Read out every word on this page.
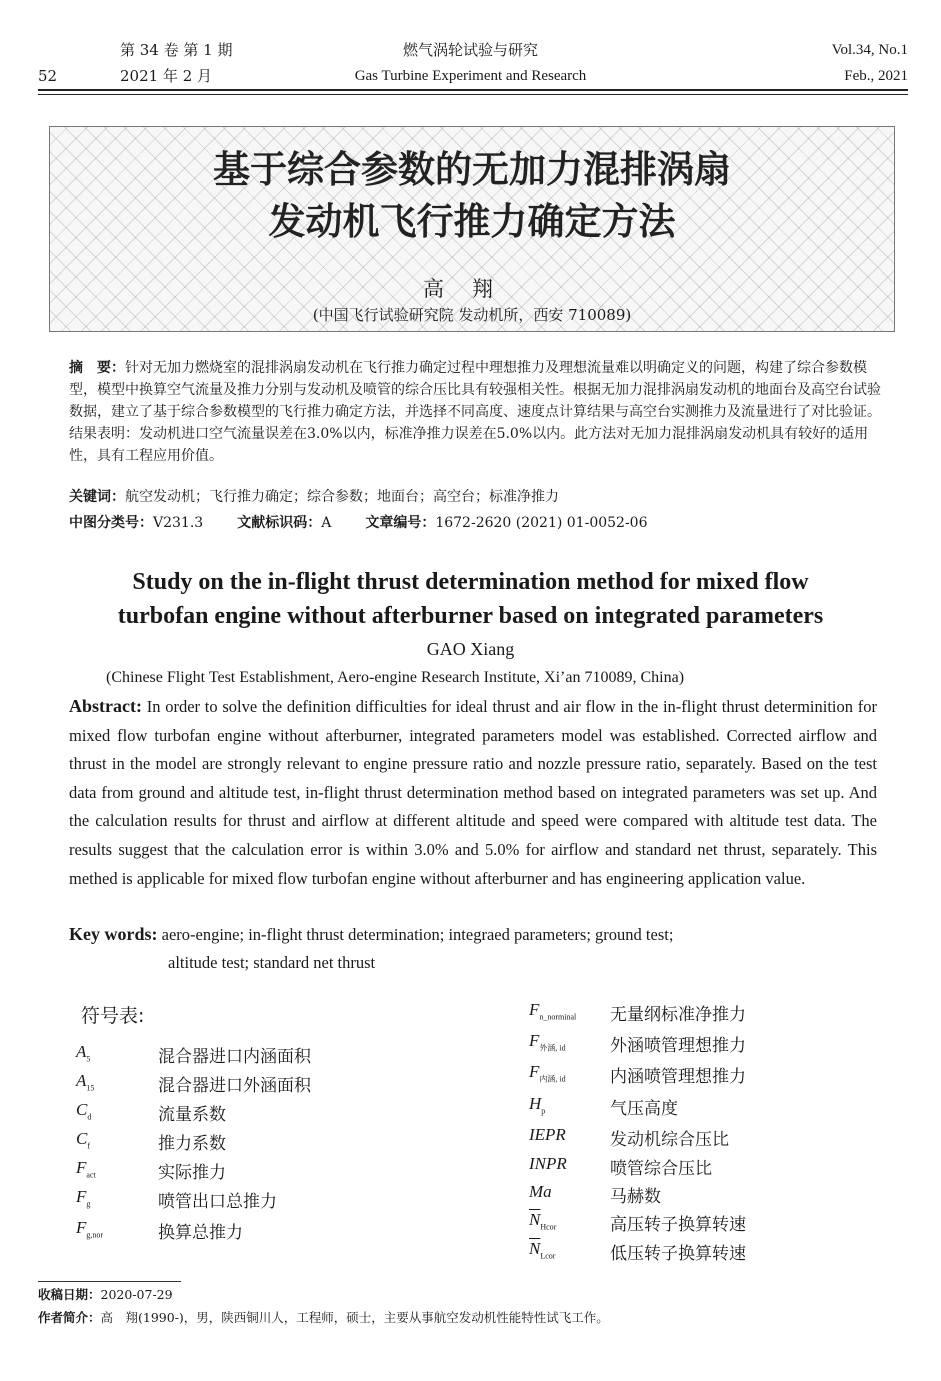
52
第 34 卷 第 1 期
2021 年 2 月
燃气涡轮试验与研究
Gas Turbine Experiment and Research
Vol.34, No.1
Feb., 2021
基于综合参数的无加力混排涡扇
发动机飞行推力确定方法
高翔
(中国飞行试验研究院 发动机所，西安 710089)
摘　要：针对无加力燃烧室的混排涡扇发动机在飞行推力确定过程中理想推力及理想流量难以明确定义的问题，构建了综合参数模型，模型中换算空气流量及推力分别与发动机及喷管的综合压比具有较强相关性。根据无加力混排涡扇发动机的地面台及高空台试验数据，建立了基于综合参数模型的飞行推力确定方法，并选择不同高度、速度点计算结果与高空台实测推力及流量进行了对比验证。结果表明：发动机进口空气流量误差在3.0%以内，标准净推力误差在5.0%以内。此方法对无加力混排涡扇发动机具有较好的适用性，具有工程应用价值。
关键词：航空发动机；飞行推力确定；综合参数；地面台；高空台；标准净推力
中图分类号：V231.3 文献标识码：A 文章编号：1672-2620 (2021) 01-0052-06
Study on the in-flight thrust determination method for mixed flow
turbofan engine without afterburner based on integrated parameters
GAO Xiang
(Chinese Flight Test Establishment, Aero-engine Research Institute, Xi’an 710089, China)
Abstract: In order to solve the definition difficulties for ideal thrust and air flow in the in-flight thrust determinition for mixed flow turbofan engine without afterburner, integrated parameters model was established. Corrected airflow and thrust in the model are strongly relevant to engine pressure ratio and nozzle pressure ratio, separately. Based on the test data from ground and altitude test, in-flight thrust determination method based on integrated parameters was set up. And the calculation results for thrust and airflow at different altitude and speed were compared with altitude test data. The results suggest that the calculation error is within 3.0% and 5.0% for airflow and standard net thrust, separately. This methed is applicable for mixed flow turbofan engine without afterburner and has engineering application value.
Key words: aero-engine; in-flight thrust determination; integraed parameters; ground test;
altitude test; standard net thrust
符号表:
$A_5$	混合器进口内涵面积
$A_{15}$	混合器进口外涵面积
$C_d$	流量系数
$C_f$	推力系数
$F_{act}$	实际推力
$F_g$	喷管出口总推力
$F_{g,nor}$	换算总推力
$F_{n\_norminal}$ 无量纲标准净推力
$F_{外涵, id}$	外涵喷管理想推力
$F_{内涵, id}$	内涵喷管理想推力
$H_p$	气压高度
IEPR	发动机综合压比
INPR	喷管综合压比
Ma	马赫数
$\overline{N}_{Hcor}$	高压转子换算转速
$\overline{N}_{Lcor}$	低压转子换算转速
收稿日期：2020-07-29
作者简介：高　翔(1990-)，男，陕西铜川人，工程师，硕士，主要从事航空发动机性能特性试飞工作。
